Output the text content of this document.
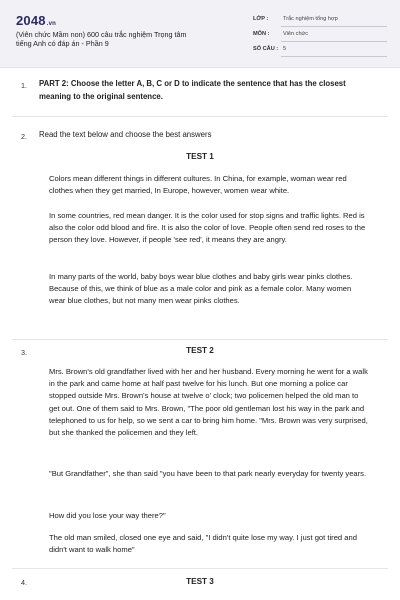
2048.vn
(Viên chức Mầm non) 600 câu trắc nghiệm Trọng tâm tiếng Anh có đáp án - Phần 9
LỚP :	Trắc nghiệm tổng hợp
MÔN : Viên chức
SỐ CÂU : 5
1. PART 2: Choose the letter A, B, C or D to indicate the sentence that has the closest meaning to the original sentence.
2. Read the text below and choose the best answers
TEST 1
Colors mean different things in different cultures. In China, for example, woman wear red clothes when they get married, In Europe, however, women wear white.
In some countries, red mean danger. It is the color used for stop signs and traffic lights. Red is also the color odd blood and fire. It is also the color of love. People often send red roses to the person they love. However, if people 'see red', it means they are angry.
In many parts of the world, baby boys wear blue clothes and baby girls wear pinks clothes. Because of this, we think of blue as a male color and pink as a female color. Many women wear blue clothes, but not many men wear pinks clothes.
3.	TEST 2
Mrs. Brown's old grandfather lived with her and her husband. Every morning he went for a walk in the park and came home at half past twelve for his lunch. But one morning a police car stopped outside Mrs. Brown's house at twelve o' clock; two policemen helped the old man to get out. One of them said to Mrs. Brown, "The poor old gentleman lost his way in the park and telephoned to us for help, so we sent a car to bring him home. "Mrs. Brown was very surprised, but she thanked the policemen and they left.
"But Grandfather", she than said "you have been to that park nearly everyday for twenty years.
How did you lose your way there?"
The old man smiled, closed one eye and said, "I didn't quite lose my way. I just got tired and didn't want to walk home"
4.	TEST 3
